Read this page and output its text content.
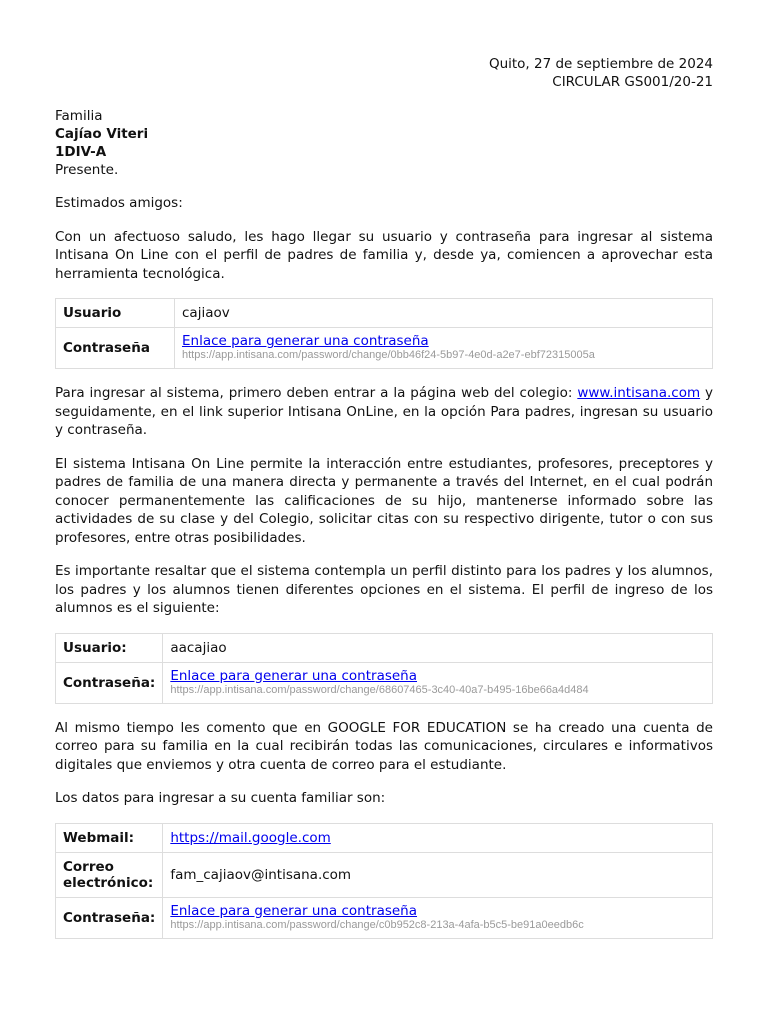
Quito, 27 de septiembre de 2024
CIRCULAR GS001/20-21
Familia
Cajíao Viteri
1DIV-A
Presente.

Estimados amigos:

Con un afectuoso saludo, les hago llegar su usuario y contraseña para ingresar al sistema Intisana On Line con el perfil de padres de familia y, desde ya, comiencen a aprovechar esta herramienta tecnológica.

Usuario	cajiaov
Contraseña	Enlace para generar una contraseña
https://app.intisana.com/password/change/0bb46f24-5b97-4e0d-a2e7-ebf72315005a

Para ingresar al sistema, primero deben entrar a la página web del colegio: www.intisana.com y seguidamente, en el link superior Intisana OnLine, en la opción Para padres, ingresan su usuario y contraseña.

El sistema Intisana On Line permite la interacción entre estudiantes, profesores, preceptores y padres de familia de una manera directa y permanente a través del Internet, en el cual podrán conocer permanentemente las calificaciones de su hijo, mantenerse informado sobre las actividades de su clase y del Colegio, solicitar citas con su respectivo dirigente, tutor o con sus profesores, entre otras posibilidades.

Es importante resaltar que el sistema contempla un perfil distinto para los padres y los alumnos, los padres y los alumnos tienen diferentes opciones en el sistema. El perfil de ingreso de los alumnos es el siguiente:

Usuario:	aacajiao
Contraseña:	Enlace para generar una contraseña
https://app.intisana.com/password/change/68607465-3c40-40a7-b495-16be66a4d484

Al mismo tiempo les comento que en GOOGLE FOR EDUCATION se ha creado una cuenta de correo para su familia en la cual recibirán todas las comunicaciones, circulares e informativos digitales que enviemos y otra cuenta de correo para el estudiante.

Los datos para ingresar a su cuenta familiar son:

Webmail:	https://mail.google.com
Correo electrónico:	fam_cajiaov@intisana.com
Contraseña:	Enlace para generar una contraseña
https://app.intisana.com/password/change/c0b952c8-213a-4afa-b5c5-be91a0eedb6c
